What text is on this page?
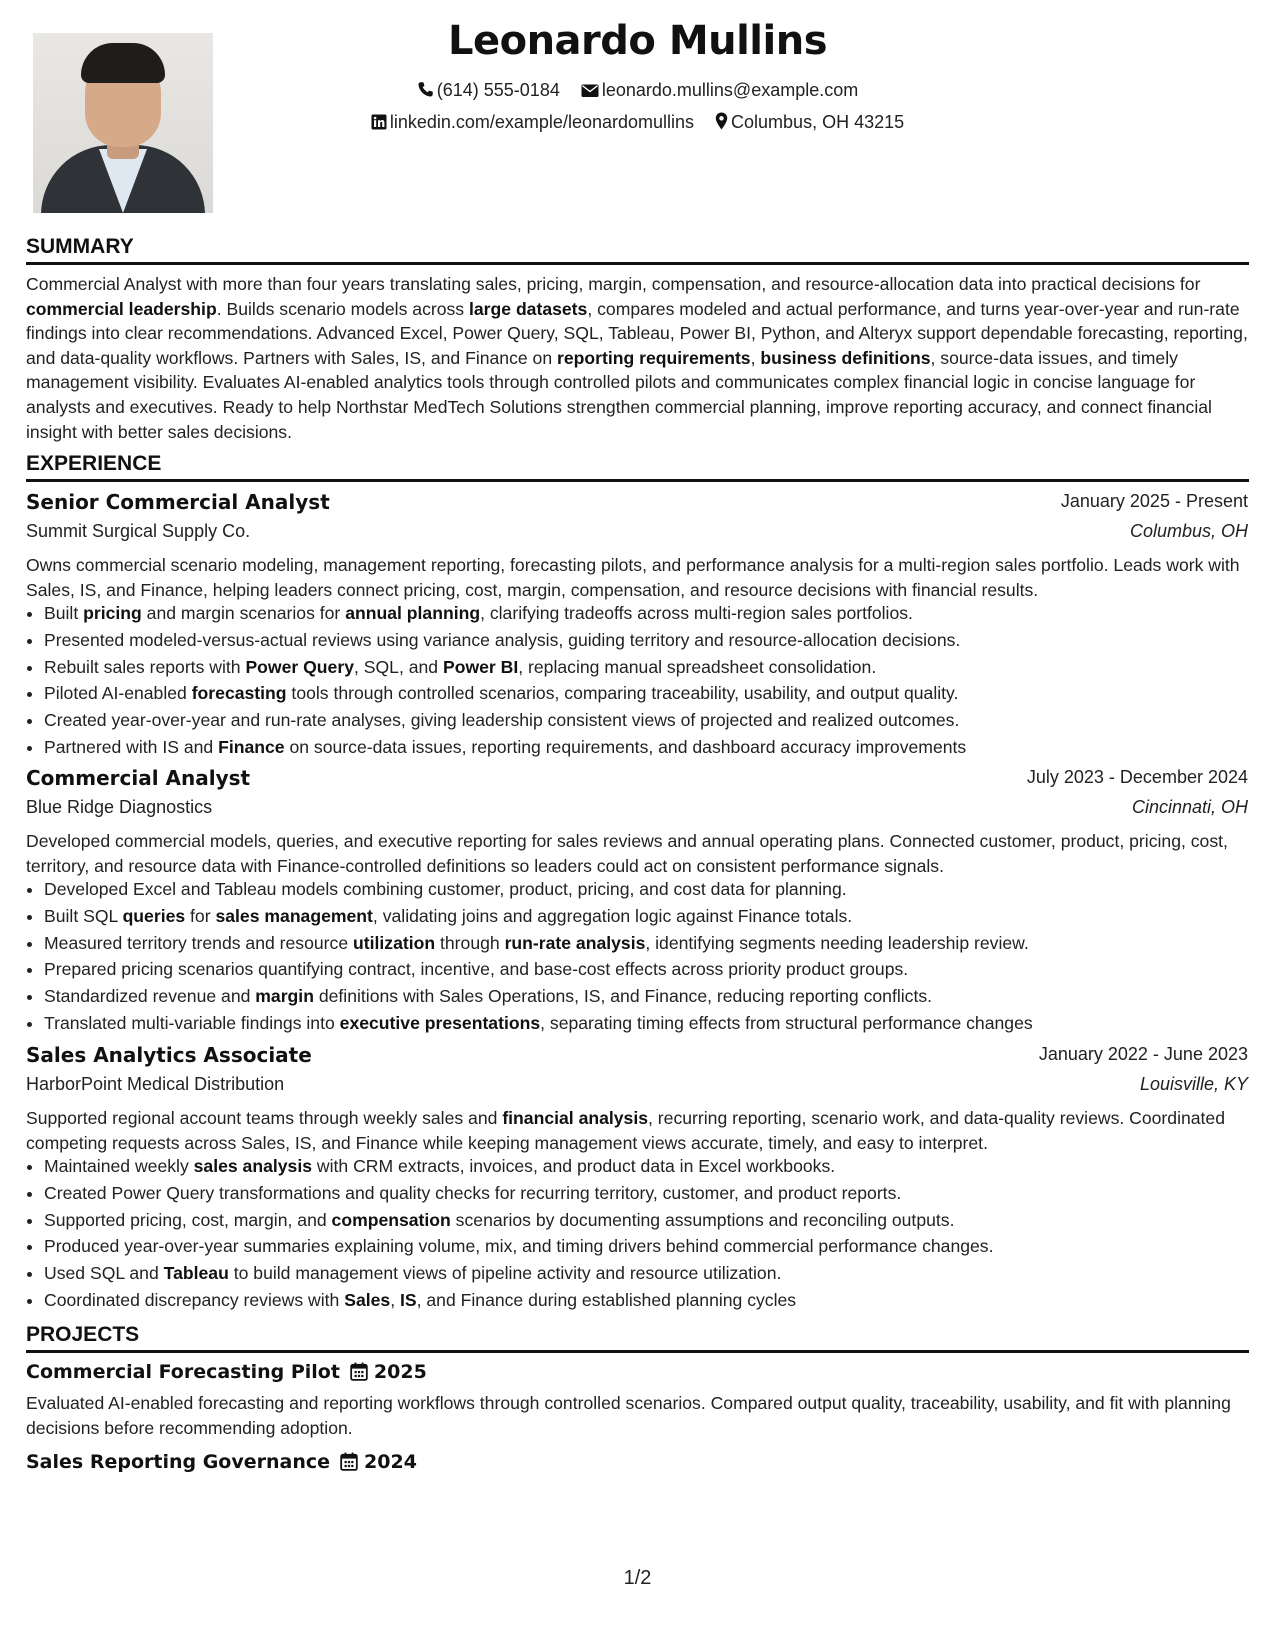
Leonardo Mullins
(614) 555-0184 leonardo.mullins@example.com
linkedin.com/example/leonardomullins Columbus, OH 43215
SUMMARY
Commercial Analyst with more than four years translating sales, pricing, margin, compensation, and resource-allocation data into practical decisions for commercial leadership. Builds scenario models across large datasets, compares modeled and actual performance, and turns year-over-year and run-rate findings into clear recommendations. Advanced Excel, Power Query, SQL, Tableau, Power BI, Python, and Alteryx support dependable forecasting, reporting, and data-quality workflows. Partners with Sales, IS, and Finance on reporting requirements, business definitions, source-data issues, and timely management visibility. Evaluates AI-enabled analytics tools through controlled pilots and communicates complex financial logic in concise language for analysts and executives. Ready to help Northstar MedTech Solutions strengthen commercial planning, improve reporting accuracy, and connect financial insight with better sales decisions.
EXPERIENCE
Senior Commercial Analyst	January 2025 - Present
Summit Surgical Supply Co.	Columbus, OH
Owns commercial scenario modeling, management reporting, forecasting pilots, and performance analysis for a multi-region sales portfolio. Leads work with Sales, IS, and Finance, helping leaders connect pricing, cost, margin, compensation, and resource decisions with financial results.
• Built pricing and margin scenarios for annual planning, clarifying tradeoffs across multi-region sales portfolios.
• Presented modeled-versus-actual reviews using variance analysis, guiding territory and resource-allocation decisions.
• Rebuilt sales reports with Power Query, SQL, and Power BI, replacing manual spreadsheet consolidation.
• Piloted AI-enabled forecasting tools through controlled scenarios, comparing traceability, usability, and output quality.
• Created year-over-year and run-rate analyses, giving leadership consistent views of projected and realized outcomes.
• Partnered with IS and Finance on source-data issues, reporting requirements, and dashboard accuracy improvements
Commercial Analyst	July 2023 - December 2024
Blue Ridge Diagnostics	Cincinnati, OH
Developed commercial models, queries, and executive reporting for sales reviews and annual operating plans. Connected customer, product, pricing, cost, territory, and resource data with Finance-controlled definitions so leaders could act on consistent performance signals.
• Developed Excel and Tableau models combining customer, product, pricing, and cost data for planning.
• Built SQL queries for sales management, validating joins and aggregation logic against Finance totals.
• Measured territory trends and resource utilization through run-rate analysis, identifying segments needing leadership review.
• Prepared pricing scenarios quantifying contract, incentive, and base-cost effects across priority product groups.
• Standardized revenue and margin definitions with Sales Operations, IS, and Finance, reducing reporting conflicts.
• Translated multi-variable findings into executive presentations, separating timing effects from structural performance changes
Sales Analytics Associate	January 2022 - June 2023
HarborPoint Medical Distribution	Louisville, KY
Supported regional account teams through weekly sales and financial analysis, recurring reporting, scenario work, and data-quality reviews. Coordinated competing requests across Sales, IS, and Finance while keeping management views accurate, timely, and easy to interpret.
• Maintained weekly sales analysis with CRM extracts, invoices, and product data in Excel workbooks.
• Created Power Query transformations and quality checks for recurring territory, customer, and product reports.
• Supported pricing, cost, margin, and compensation scenarios by documenting assumptions and reconciling outputs.
• Produced year-over-year summaries explaining volume, mix, and timing drivers behind commercial performance changes.
• Used SQL and Tableau to build management views of pipeline activity and resource utilization.
• Coordinated discrepancy reviews with Sales, IS, and Finance during established planning cycles
PROJECTS
Commercial Forecasting Pilot 2025
Evaluated AI-enabled forecasting and reporting workflows through controlled scenarios. Compared output quality, traceability, usability, and fit with planning decisions before recommending adoption.
Sales Reporting Governance 2024
1/2
